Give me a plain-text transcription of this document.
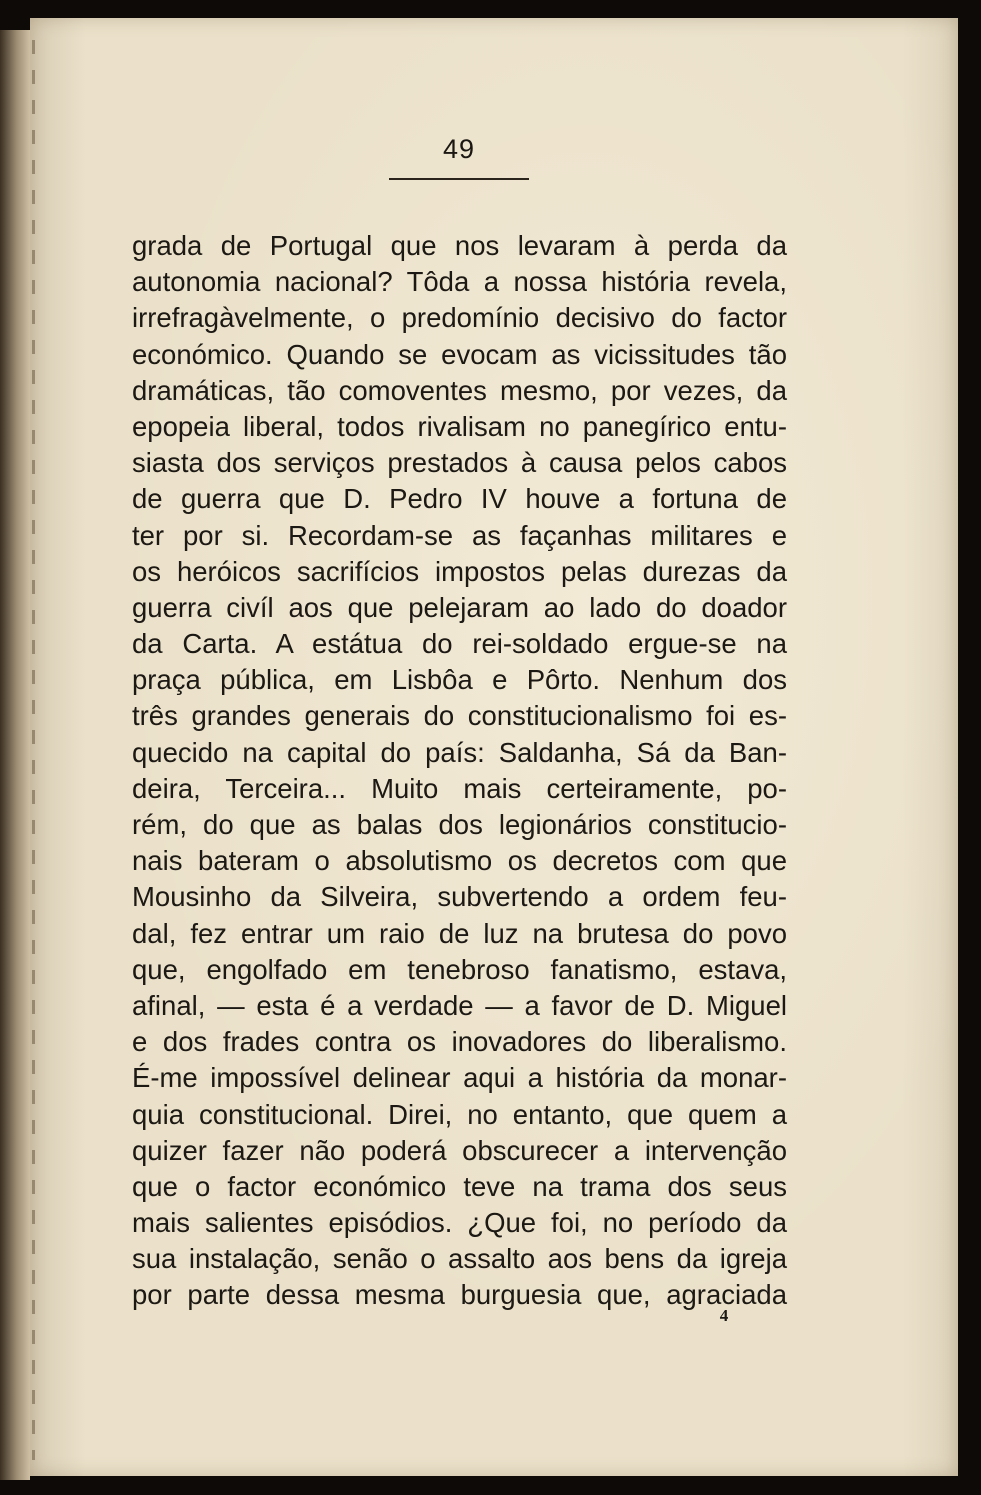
49
grada de Portugal que nos levaram à perda da
autonomia nacional? Tôda a nossa história revela,
irrefragàvelmente, o predomínio decisivo do factor
económico. Quando se evocam as vicissitudes tão
dramáticas, tão comoventes mesmo, por vezes, da
epopeia liberal, todos rivalisam no panegírico entu-
siasta dos serviços prestados à causa pelos cabos
de guerra que D. Pedro IV houve a fortuna de
ter por si. Recordam-se as façanhas militares e
os heróicos sacrifícios impostos pelas durezas da
guerra civíl aos que pelejaram ao lado do doador
da Carta. A estátua do rei-soldado ergue-se na
praça pública, em Lisbôa e Pôrto. Nenhum dos
três grandes generais do constitucionalismo foi es-
quecido na capital do país: Saldanha, Sá da Ban-
deira, Terceira... Muito mais certeiramente, po-
rém, do que as balas dos legionários constitucio-
nais bateram o absolutismo os decretos com que
Mousinho da Silveira, subvertendo a ordem feu-
dal, fez entrar um raio de luz na brutesa do povo
que, engolfado em tenebroso fanatismo, estava,
afinal, — esta é a verdade — a favor de D. Miguel
e dos frades contra os inovadores do liberalismo.
É-me impossível delinear aqui a história da monar-
quia constitucional. Direi, no entanto, que quem a
quizer fazer não poderá obscurecer a intervenção
que o factor económico teve na trama dos seus
mais salientes episódios. ¿Que foi, no período da
sua instalação, senão o assalto aos bens da igreja
por parte dessa mesma burguesia que, agraciada
4
